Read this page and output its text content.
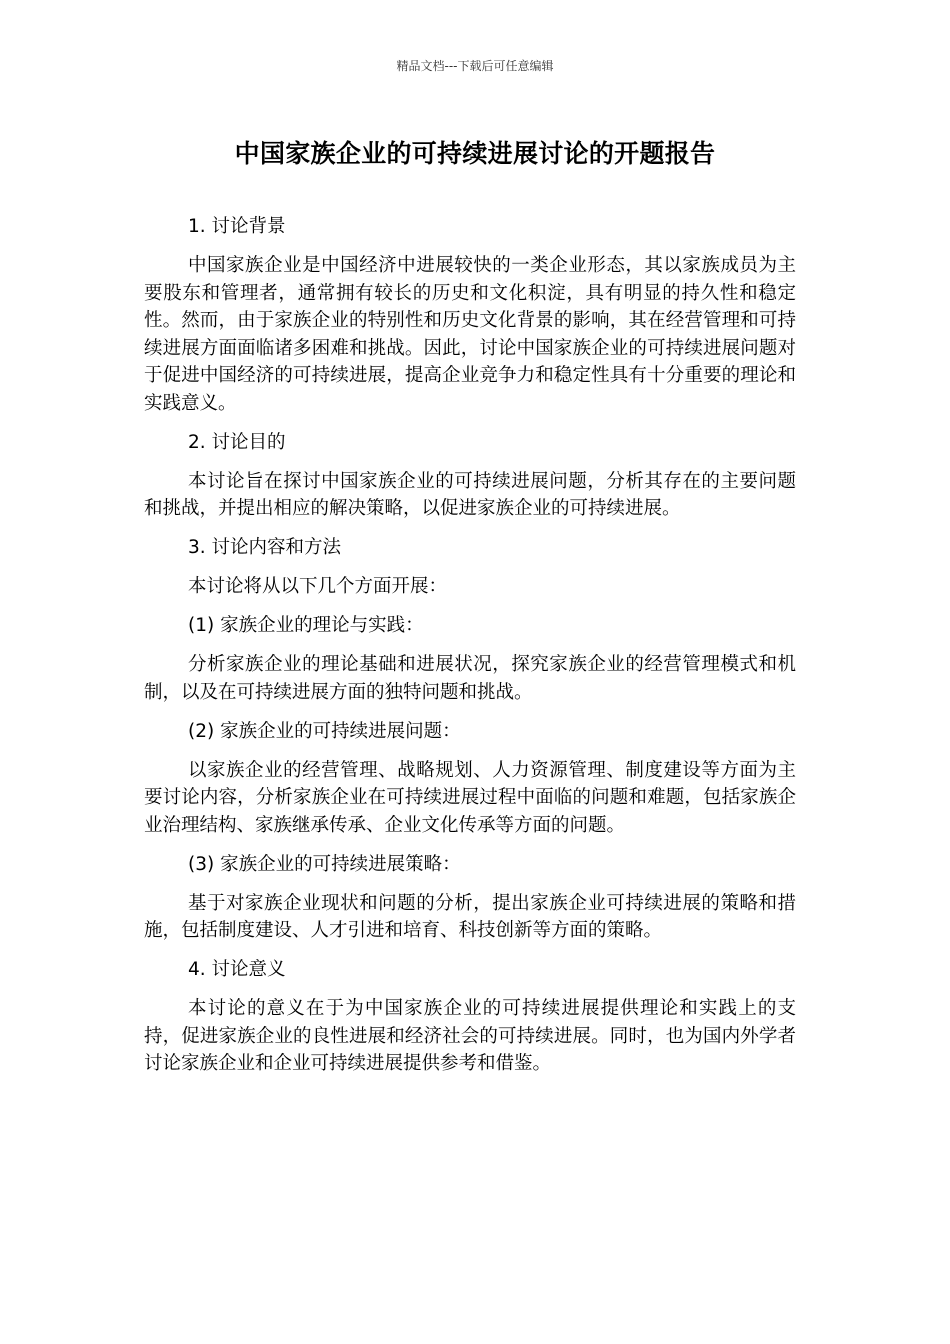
精品文档---下载后可任意编辑
中国家族企业的可持续进展讨论的开题报告

1. 讨论背景

中国家族企业是中国经济中进展较快的一类企业形态，其以家族成员为主要股东和管理者，通常拥有较长的历史和文化积淀，具有明显的持久性和稳定性。然而，由于家族企业的特别性和历史文化背景的影响，其在经营管理和可持续进展方面面临诸多困难和挑战。因此，讨论中国家族企业的可持续进展问题对于促进中国经济的可持续进展，提高企业竞争力和稳定性具有十分重要的理论和实践意义。

2. 讨论目的

本讨论旨在探讨中国家族企业的可持续进展问题，分析其存在的主要问题和挑战，并提出相应的解决策略，以促进家族企业的可持续进展。

3. 讨论内容和方法

本讨论将从以下几个方面开展：

(1) 家族企业的理论与实践：

分析家族企业的理论基础和进展状况，探究家族企业的经营管理模式和机制，以及在可持续进展方面的独特问题和挑战。

(2) 家族企业的可持续进展问题：

以家族企业的经营管理、战略规划、人力资源管理、制度建设等方面为主要讨论内容，分析家族企业在可持续进展过程中面临的问题和难题，包括家族企业治理结构、家族继承传承、企业文化传承等方面的问题。

(3) 家族企业的可持续进展策略：

基于对家族企业现状和问题的分析，提出家族企业可持续进展的策略和措施，包括制度建设、人才引进和培育、科技创新等方面的策略。

4. 讨论意义

本讨论的意义在于为中国家族企业的可持续进展提供理论和实践上的支持，促进家族企业的良性进展和经济社会的可持续进展。同时，也为国内外学者讨论家族企业和企业可持续进展提供参考和借鉴。
